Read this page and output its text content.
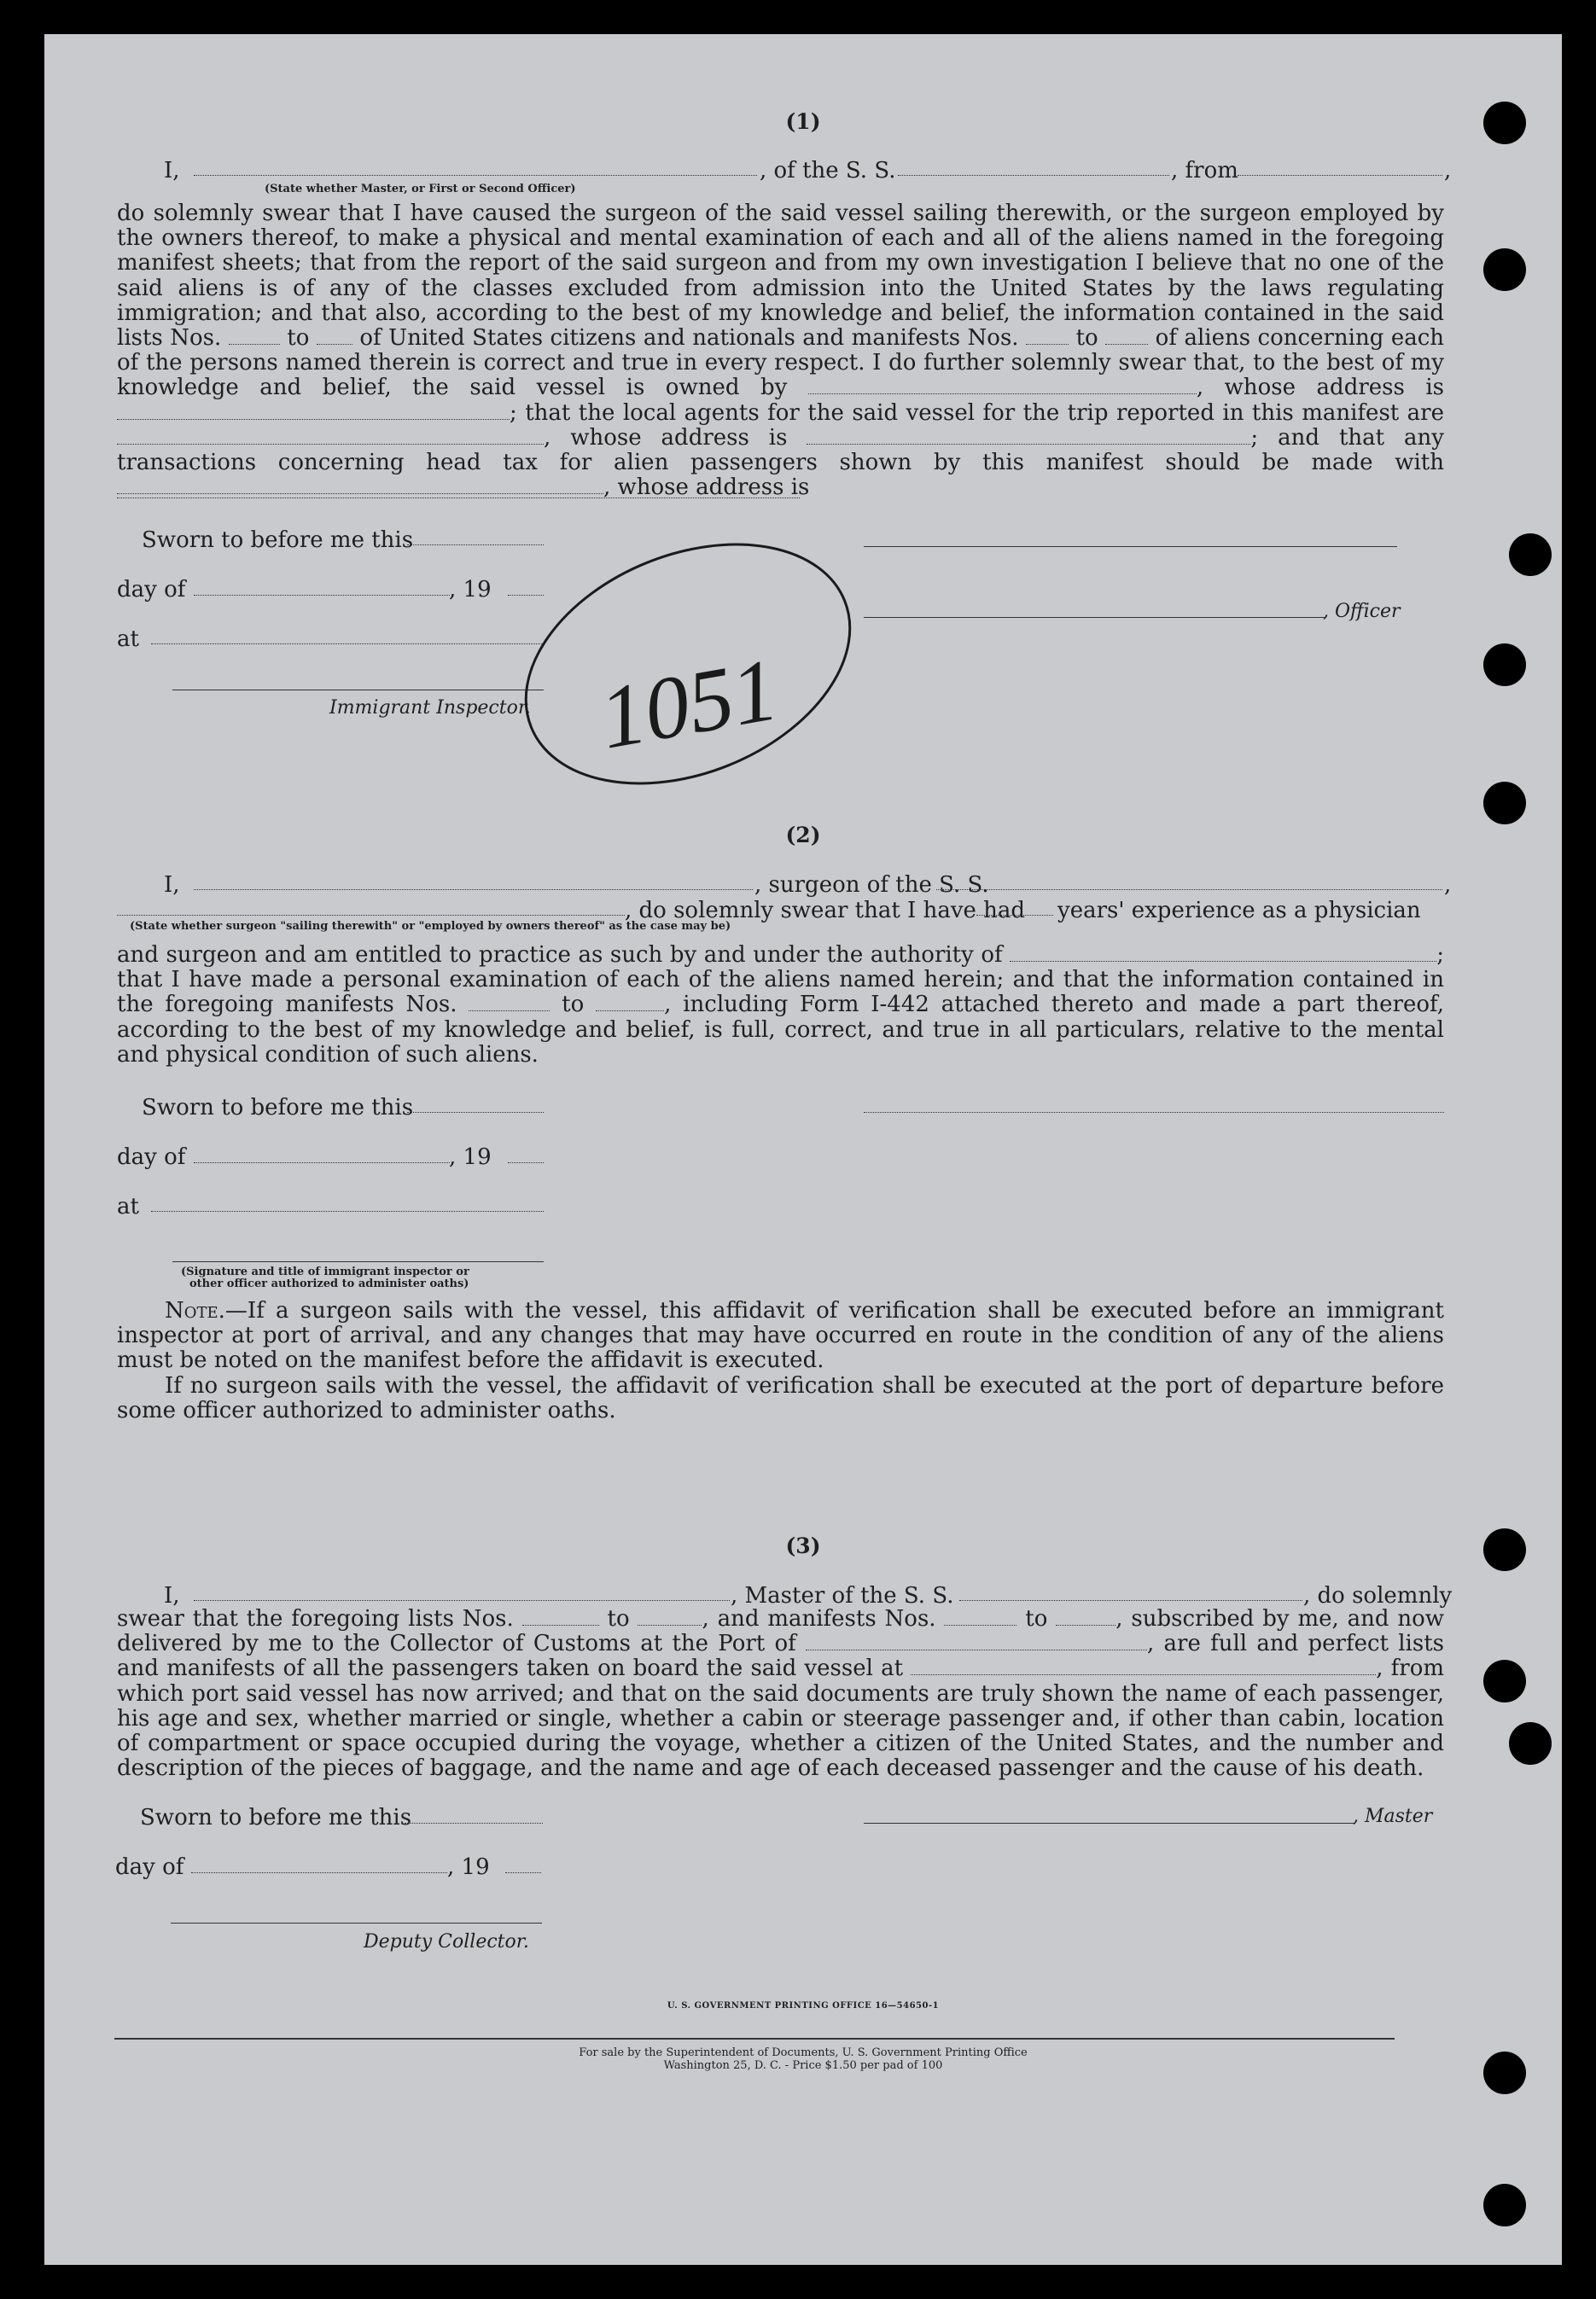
(1)
I,	, of the S. S.	, from	,
(State whether Master, or First or Second Officer)

do solemnly swear that I have caused the surgeon of the said vessel sailing therewith, or the surgeon employed by the owners thereof, to make a physical and mental examination of each and all of the aliens named in the foregoing manifest sheets; that from the report of the said surgeon and from my own investigation I believe that no one of the said aliens is of any of the classes excluded from admission into the United States by the laws regulating immigration; and that also, according to the best of my knowledge and belief, the information contained in the said lists Nos.	to of United States citizens and nationals and manifests Nos.	to	of aliens concerning each of the persons named therein is correct and true in every respect. I do further solemnly swear that, to the best of my knowledge and belief, the said vessel is owned by	, whose address is ; that the local agents for the said vessel for the trip reported in this manifest are , whose address is	; and that any transactions concerning head tax for alien passengers shown by this manifest should be made with , whose address is

Sworn to before me this
day of	, 19
at
Immigrant Inspector.
, Officer
1051
(2)
I,	, surgeon of the S. S.	,
, do solemnly swear that I have had years' experience as a physician
(State whether surgeon "sailing therewith" or "employed by owners thereof" as the case may be)

and surgeon and am entitled to practice as such by and under the authority of	; that I have made a personal examination of each of the aliens named herein; and that the information contained in the foregoing manifests Nos.	to	, including Form I-442 attached thereto and made a part thereof, according to the best of my knowledge and belief, is full, correct, and true in all particulars, relative to the mental and physical condition of such aliens.

Sworn to before me this
day of	, 19
at
(Signature and title of immigrant inspector or
other officer authorized to administer oaths)

Note.—If a surgeon sails with the vessel, this affidavit of verification shall be executed before an immigrant inspector at port of arrival, and any changes that may have occurred en route in the condition of any of the aliens must be noted on the manifest before the affidavit is executed.

If no surgeon sails with the vessel, the affidavit of verification shall be executed at the port of departure before some officer authorized to administer oaths.

(3)
I,	, Master of the S. S.	, do solemnly

swear that the foregoing lists Nos.	to	, and manifests Nos.	to	, subscribed by me, and now delivered by me to the Collector of Customs at the Port of	, are full and perfect lists and manifests of all the passengers taken on board the said vessel at	, from which port said vessel has now arrived; and that on the said documents are truly shown the name of each passenger, his age and sex, whether married or single, whether a cabin or steerage passenger and, if other than cabin, location of compartment or space occupied during the voyage, whether a citizen of the United States, and the number and description of the pieces of baggage, and the name and age of each deceased passenger and the cause of his death.

Sworn to before me this	, Master
day of	, 19
Deputy Collector.
U. S. GOVERNMENT PRINTING OFFICE 16—54650-1
For sale by the Superintendent of Documents, U. S. Government Printing Office
Washington 25, D. C. - Price $1.50 per pad of 100
